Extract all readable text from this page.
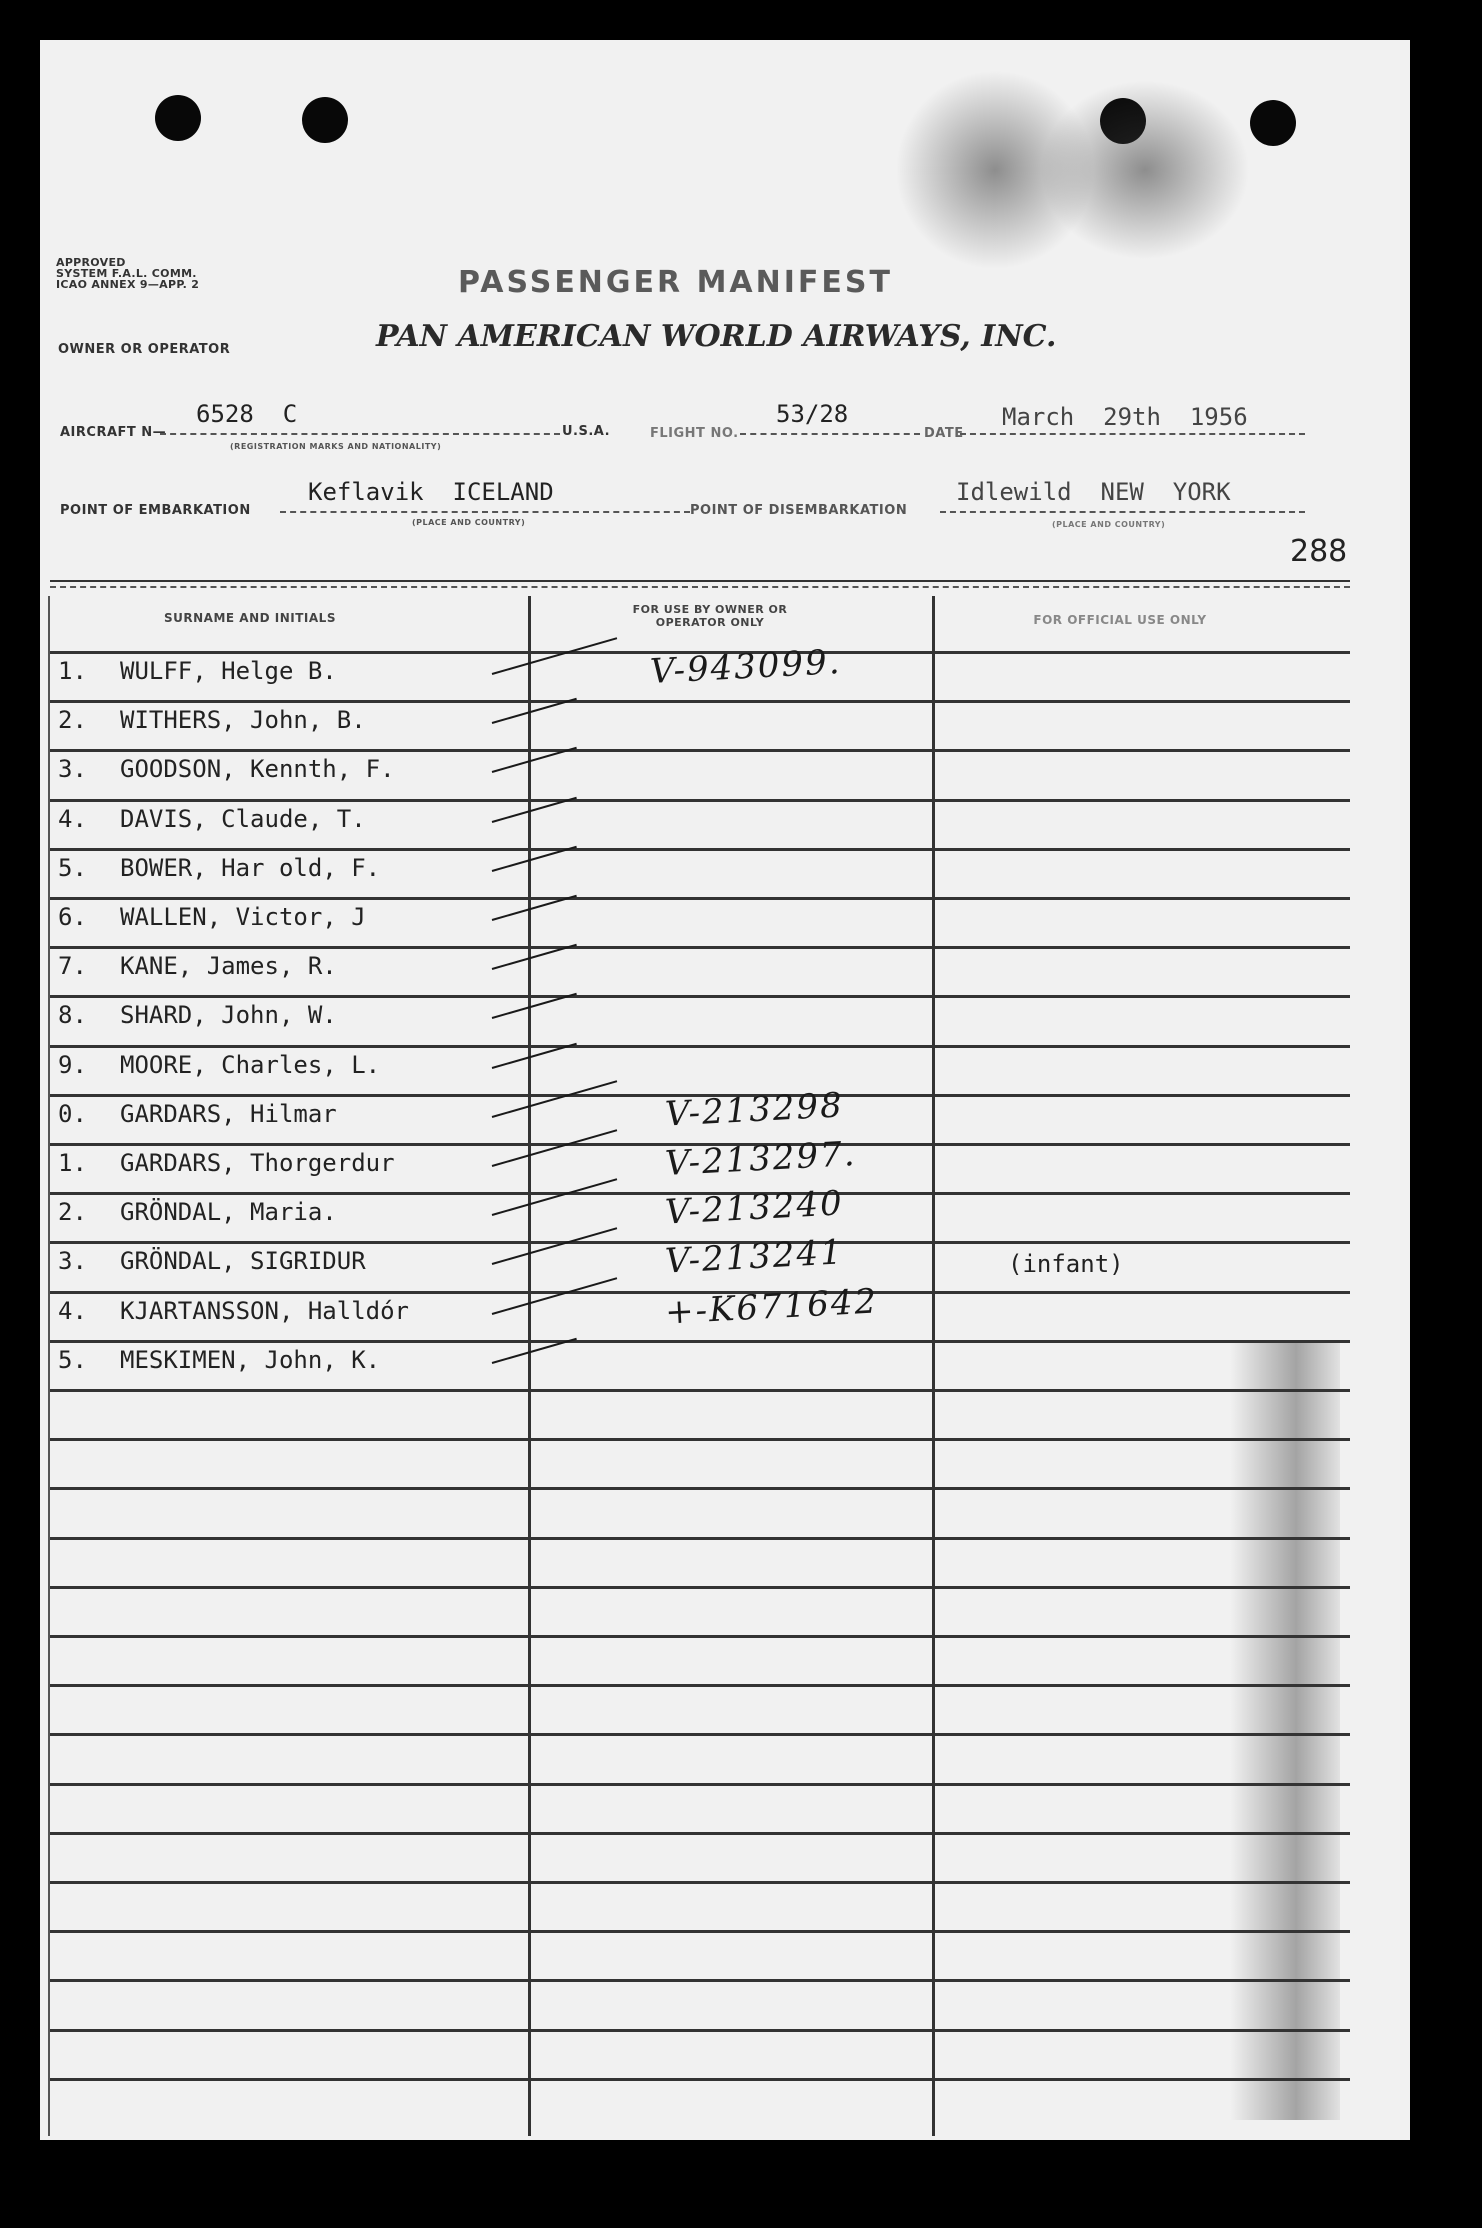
APPROVED
SYSTEM F.A.L. COMM.
ICAO ANNEX 9—APP. 2	PASSENGER MANIFEST
OWNER OR OPERATOR	PAN AMERICAN WORLD AIRWAYS, INC.
AIRCRAFT N—
6528  C
(REGISTRATION MARKS AND NATIONALITY)
U.S.A.	FLIGHT NO.
53/28
DATE
March  29th  1956
POINT OF EMBARKATION
Keflavik  ICELAND
(PLACE AND COUNTRY)
POINT OF DISEMBARKATION
Idlewild  NEW  YORK
(PLACE AND COUNTRY)
288
SURNAME AND INITIALS
FOR USE BY OWNER OR OPERATOR ONLY	FOR OFFICIAL USE ONLY
1. WULFF, Helge B.	V-943099.
2. WITHERS, John, B.
3. GOODSON, Kennth, F.
4. DAVIS, Claude, T.
5. BOWER, Har old, F.
6. WALLEN, Victor, J
7. KANE, James, R.
8. SHARD, John, W.
9. MOORE, Charles, L.
0. GARDARS, Hilmar	V-213298
1. GARDARS, Thorgerdur	V-213297.
2. GRÖNDAL, Maria.	V-213240
3. GRÖNDAL, SIGRIDUR	V-213241	(infant)
4. KJARTANSSON, Halldór	+-K671642
5. MESKIMEN, John, K.
